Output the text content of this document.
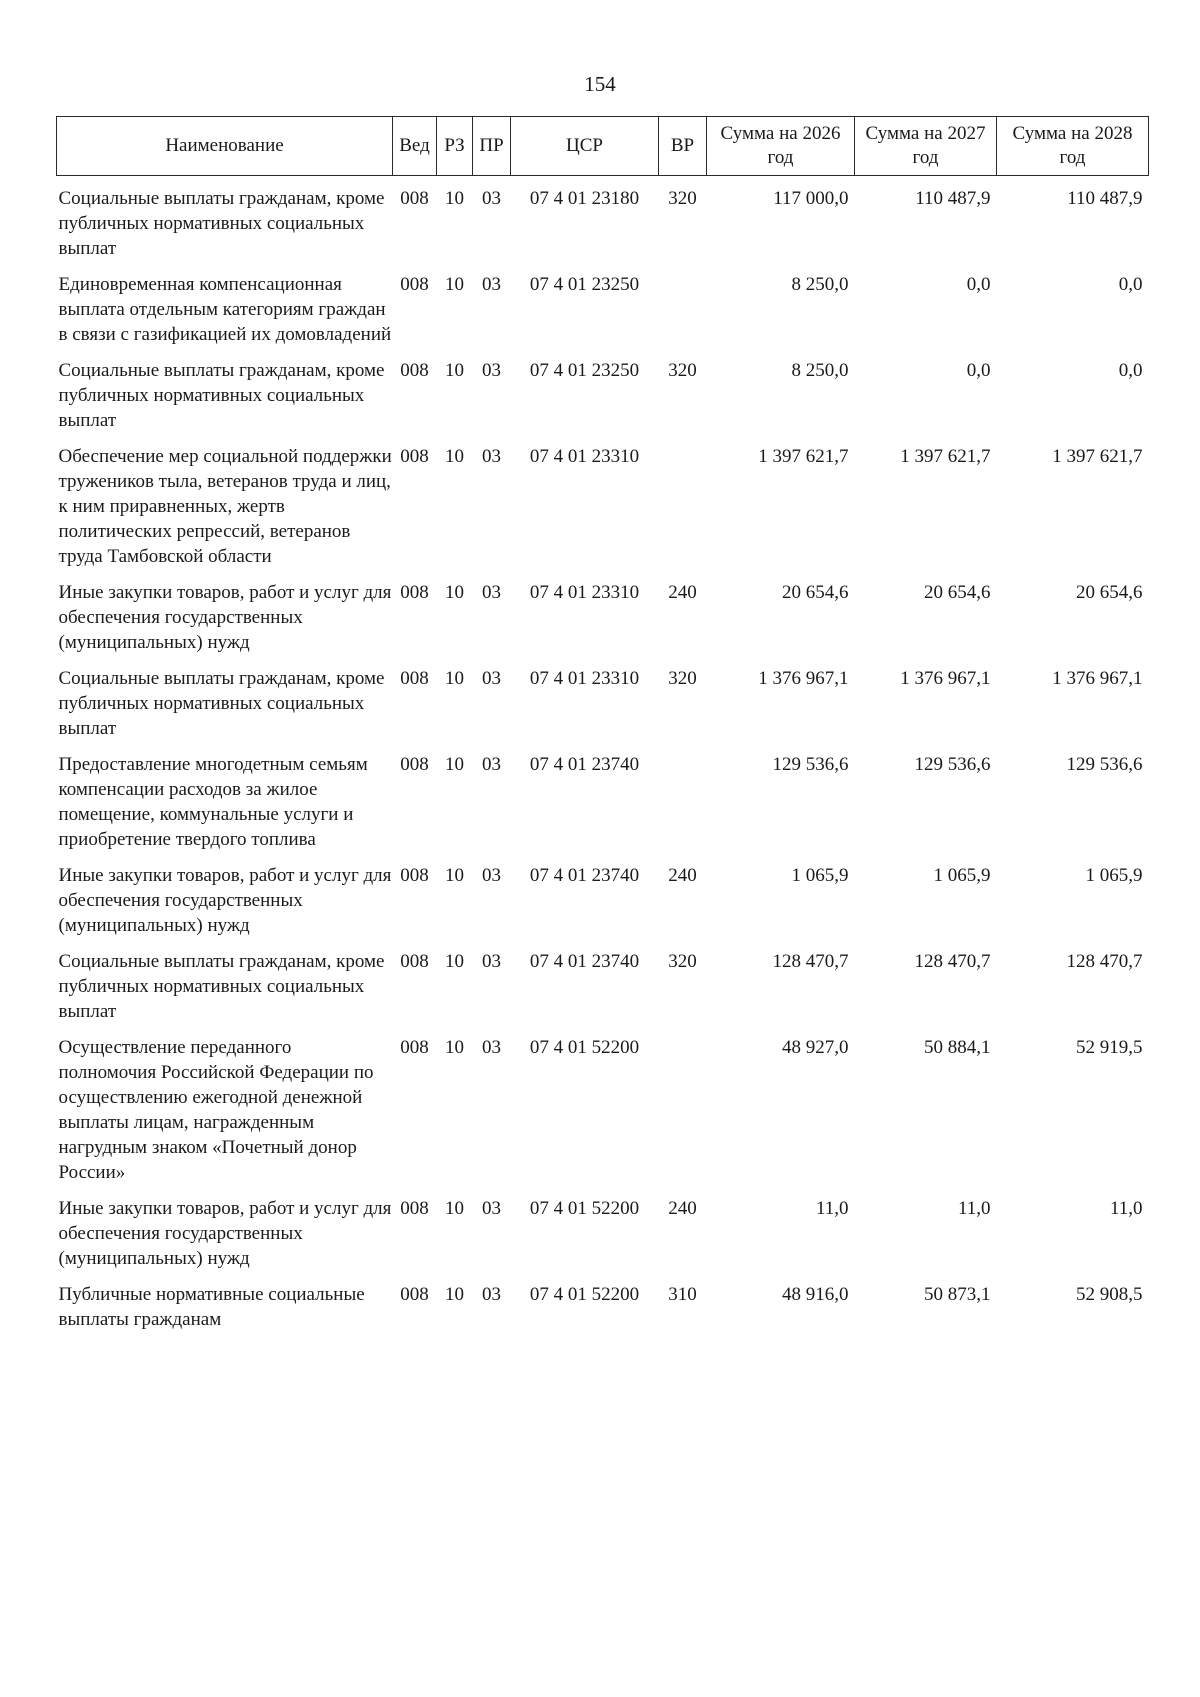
154
Наименование	Вед	РЗ	ПР	ЦСР	ВР	Сумма на 2026 год	Сумма на 2027 год	Сумма на 2028 год
Социальные выплаты гражданам, кроме публичных нормативных социальных выплат	008	10	03	07 4 01 23180	320	117 000,0	110 487,9	110 487,9
Единовременная компенсационная выплата отдельным категориям граждан в связи с газификацией их домовладений	008	10	03	07 4 01 23250		8 250,0	0,0	0,0
Социальные выплаты гражданам, кроме публичных нормативных социальных выплат	008	10	03	07 4 01 23250	320	8 250,0	0,0	0,0
Обеспечение мер социальной поддержки тружеников тыла, ветеранов труда и лиц, к ним приравненных, жертв политических репрессий, ветеранов труда Тамбовской области	008	10	03	07 4 01 23310		1 397 621,7	1 397 621,7	1 397 621,7
Иные закупки товаров, работ и услуг для обеспечения государственных (муниципальных) нужд	008	10	03	07 4 01 23310	240	20 654,6	20 654,6	20 654,6
Социальные выплаты гражданам, кроме публичных нормативных социальных выплат	008	10	03	07 4 01 23310	320	1 376 967,1	1 376 967,1	1 376 967,1
Предоставление многодетным семьям компенсации расходов за жилое помещение, коммунальные услуги и приобретение твердого топлива	008	10	03	07 4 01 23740		129 536,6	129 536,6	129 536,6
Иные закупки товаров, работ и услуг для обеспечения государственных (муниципальных) нужд	008	10	03	07 4 01 23740	240	1 065,9	1 065,9	1 065,9
Социальные выплаты гражданам, кроме публичных нормативных социальных выплат	008	10	03	07 4 01 23740	320	128 470,7	128 470,7	128 470,7
Осуществление переданного полномочия Российской Федерации по осуществлению ежегодной денежной выплаты лицам, награжденным нагрудным знаком «Почетный донор России»	008	10	03	07 4 01 52200		48 927,0	50 884,1	52 919,5
Иные закупки товаров, работ и услуг для обеспечения государственных (муниципальных) нужд	008	10	03	07 4 01 52200	240	11,0	11,0	11,0
Публичные нормативные социальные выплаты гражданам	008	10	03	07 4 01 52200	310	48 916,0	50 873,1	52 908,5
